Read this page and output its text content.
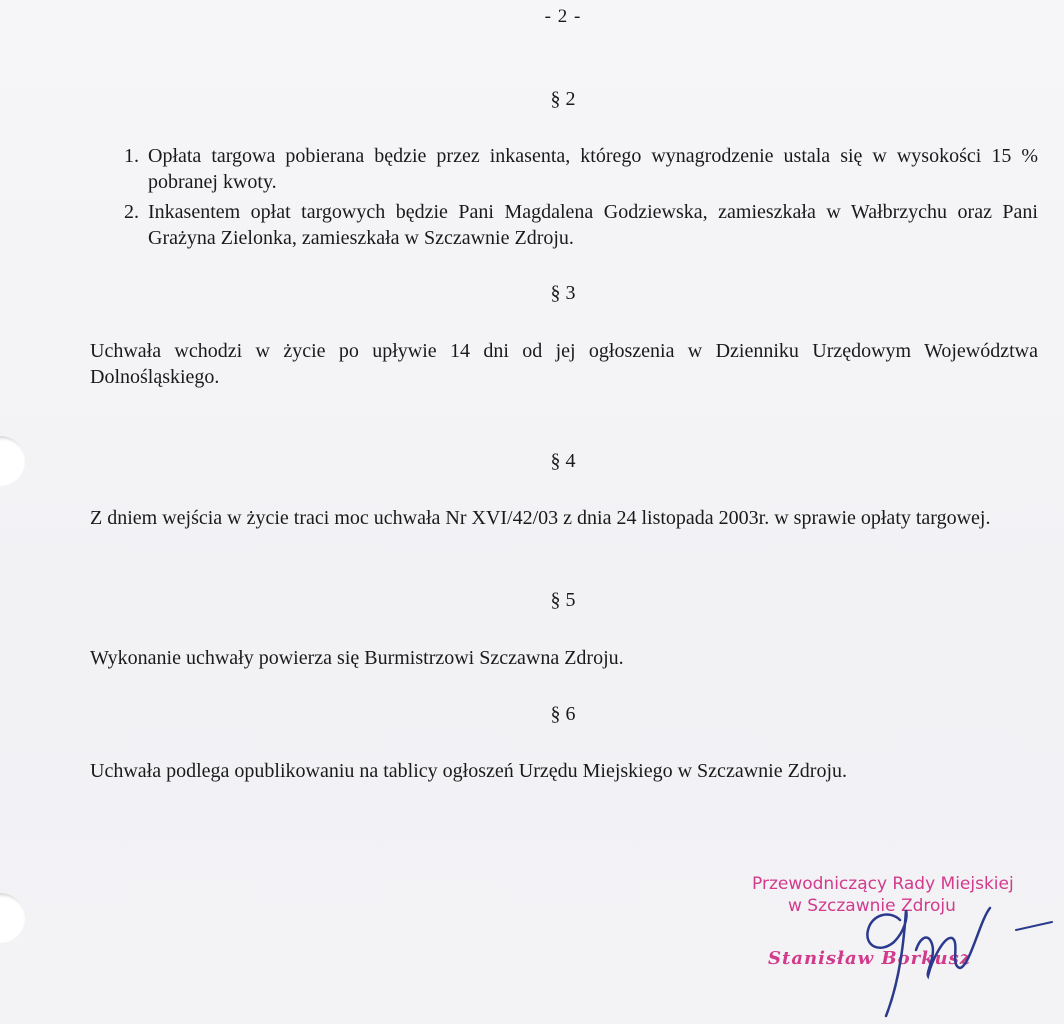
- 2 -
§ 2
1. Opłata targowa pobierana będzie przez inkasenta, którego wynagrodzenie ustala się w wysokości 15 % pobranej kwoty.
2. Inkasentem opłat targowych będzie Pani Magdalena Godziewska, zamieszkała w Wałbrzychu oraz Pani Grażyna Zielonka, zamieszkała w Szczawnie Zdroju.
§ 3
Uchwała wchodzi w życie po upływie 14 dni od jej ogłoszenia w Dzienniku Urzędowym Województwa Dolnośląskiego.
§ 4
Z dniem wejścia w życie traci moc uchwała Nr XVI/42/03 z dnia 24 listopada 2003r. w sprawie opłaty targowej.
§ 5
Wykonanie uchwały powierza się Burmistrzowi Szczawna Zdroju.
§ 6
Uchwała podlega opublikowaniu na tablicy ogłoszeń Urzędu Miejskiego w Szczawnie Zdroju.
Przewodniczący Rady Miejskiej
w Szczawnie Zdroju
Stanisław Borkusz
